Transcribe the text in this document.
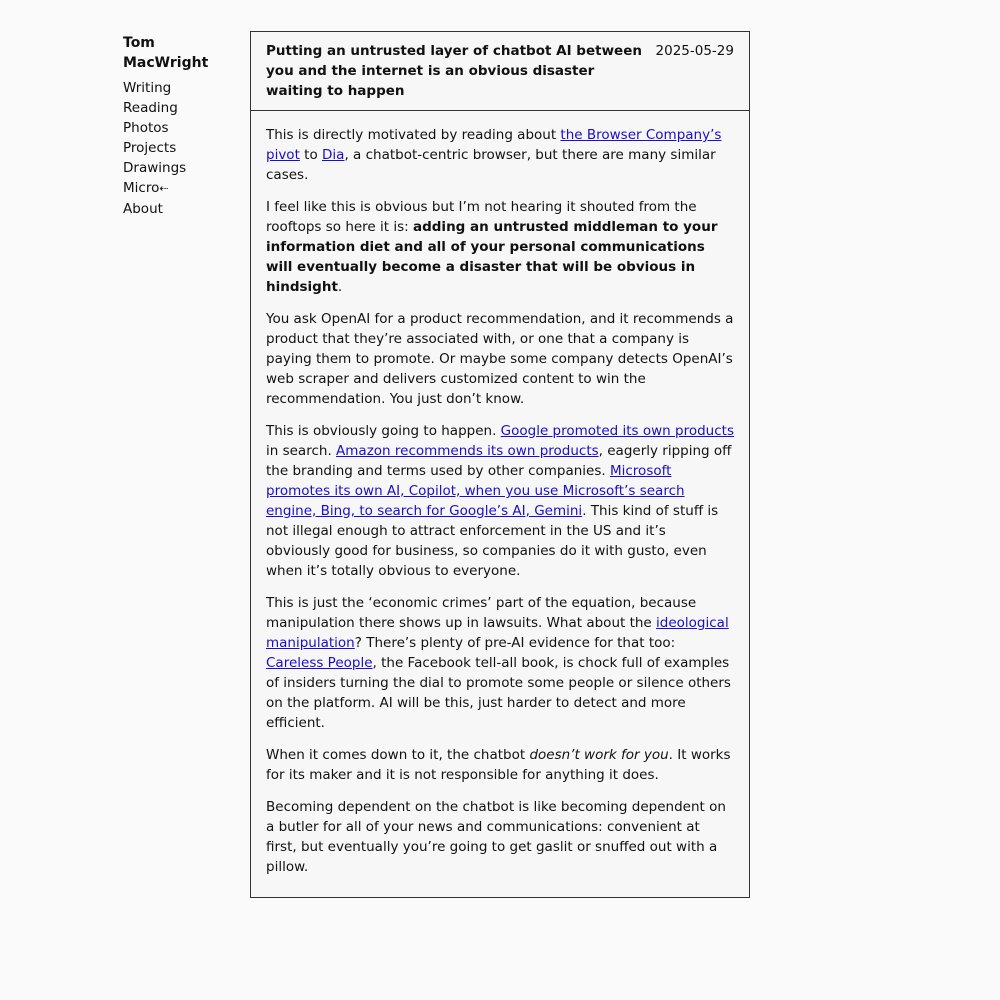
Tom MacWright
Writing
Reading
Photos
Projects
Drawings
Micro⇠
About
Putting an untrusted layer of chatbot AI between you and the internet is an obvious disaster waiting to happen
2025-05-29

This is directly motivated by reading about the Browser Company’s pivot to Dia, a chatbot-centric browser, but there are many similar cases.

I feel like this is obvious but I’m not hearing it shouted from the rooftops so here it is: adding an untrusted middleman to your information diet and all of your personal communications will eventually become a disaster that will be obvious in hindsight.

You ask OpenAI for a product recommendation, and it recommends a product that they’re associated with, or one that a company is paying them to promote. Or maybe some company detects OpenAI’s web scraper and delivers customized content to win the recommendation. You just don’t know.

This is obviously going to happen. Google promoted its own products in search. Amazon recommends its own products, eagerly ripping off the branding and terms used by other companies. Microsoft promotes its own AI, Copilot, when you use Microsoft’s search engine, Bing, to search for Google’s AI, Gemini. This kind of stuff is not illegal enough to attract enforcement in the US and it’s obviously good for business, so companies do it with gusto, even when it’s totally obvious to everyone.

This is just the ‘economic crimes’ part of the equation, because manipulation there shows up in lawsuits. What about the ideological manipulation? There’s plenty of pre-AI evidence for that too: Careless People, the Facebook tell-all book, is chock full of examples of insiders turning the dial to promote some people or silence others on the platform. AI will be this, just harder to detect and more efficient.

When it comes down to it, the chatbot doesn’t work for you. It works for its maker and it is not responsible for anything it does.

Becoming dependent on the chatbot is like becoming dependent on a butler for all of your news and communications: convenient at first, but eventually you’re going to get gaslit or snuffed out with a pillow.
